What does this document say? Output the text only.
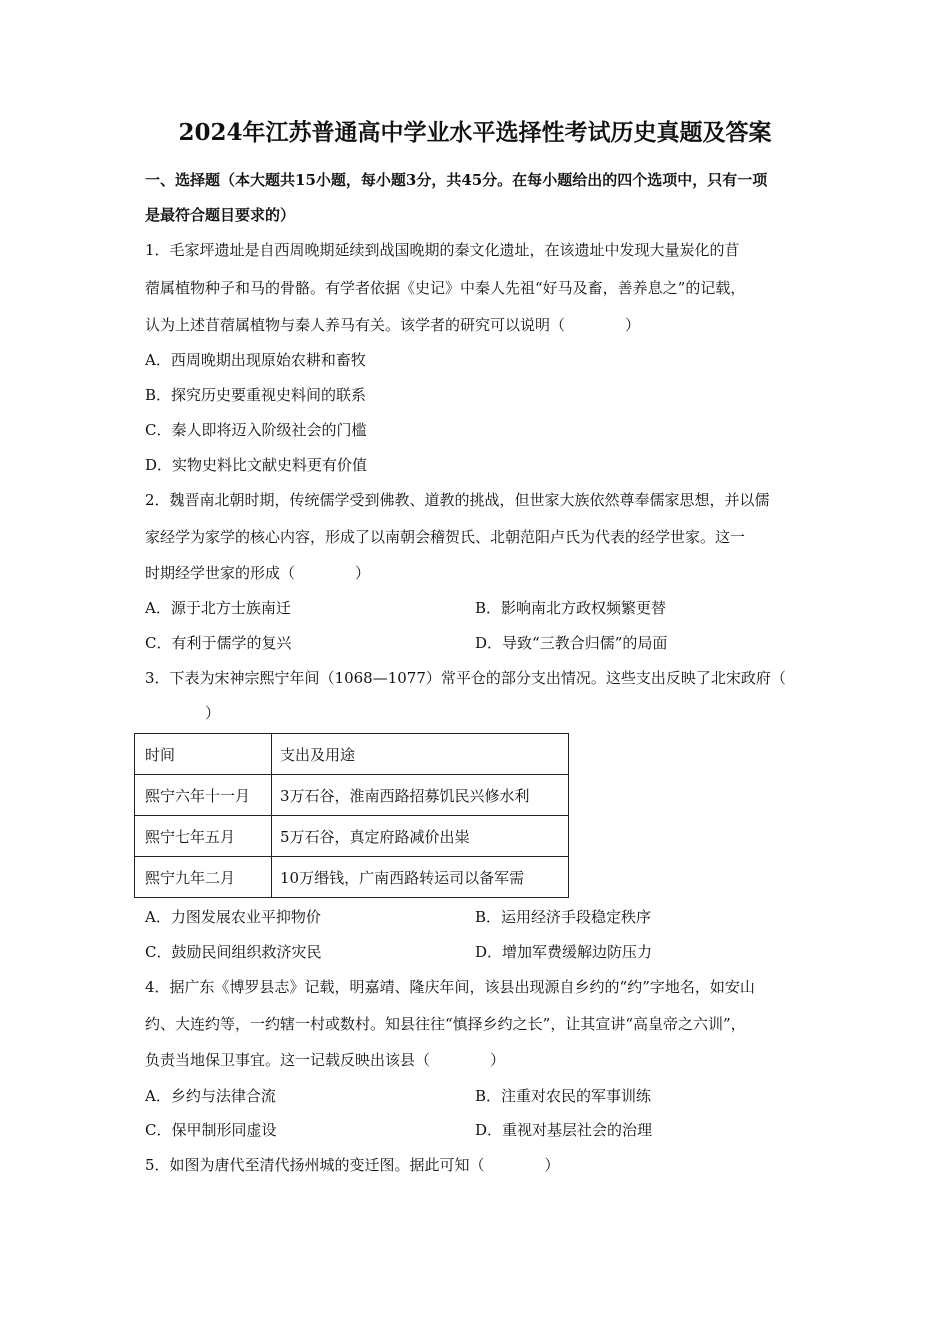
2024年江苏普通高中学业水平选择性考试历史真题及答案
一、选择题（本大题共15小题，每小题3分，共45分。在每小题给出的四个选项中，只有一项
是最符合题目要求的）
1．毛家坪遗址是自西周晚期延续到战国晚期的秦文化遗址，在该遗址中发现大量炭化的苜
蓿属植物种子和马的骨骼。有学者依据《史记》中秦人先祖“好马及畜，善养息之”的记载，
认为上述苜蓿属植物与秦人养马有关。该学者的研究可以说明（　　　　）
A．西周晚期出现原始农耕和畜牧
B．探究历史要重视史料间的联系
C．秦人即将迈入阶级社会的门槛
D．实物史料比文献史料更有价值
2．魏晋南北朝时期，传统儒学受到佛教、道教的挑战，但世家大族依然尊奉儒家思想，并以儒
家经学为家学的核心内容，形成了以南朝会稽贺氏、北朝范阳卢氏为代表的经学世家。这一
时期经学世家的形成（　　　　）
A．源于北方士族南迁	B．影响南北方政权频繁更替
C．有利于儒学的复兴	D．导致“三教合归儒”的局面
3．下表为宋神宗熙宁年间（1068—1077）常平仓的部分支出情况。这些支出反映了北宋政府（
　　　　）
时间	支出及用途
熙宁六年十一月	3万石谷，淮南西路招募饥民兴修水利
熙宁七年五月	5万石谷，真定府路减价出粜
熙宁九年二月	10万缗钱，广南西路转运司以备军需
A．力图发展农业平抑物价	B．运用经济手段稳定秩序
C．鼓励民间组织救济灾民	D．增加军费缓解边防压力
4．据广东《博罗县志》记载，明嘉靖、隆庆年间，该县出现源自乡约的“约”字地名，如安山
约、大连约等，一约辖一村或数村。知县往往“慎择乡约之长”，让其宣讲“高皇帝之六训”，
负责当地保卫事宜。这一记载反映出该县（　　　　）
A．乡约与法律合流	B．注重对农民的军事训练
C．保甲制形同虚设	D．重视对基层社会的治理
5．如图为唐代至清代扬州城的变迁图。据此可知（　　　　）
